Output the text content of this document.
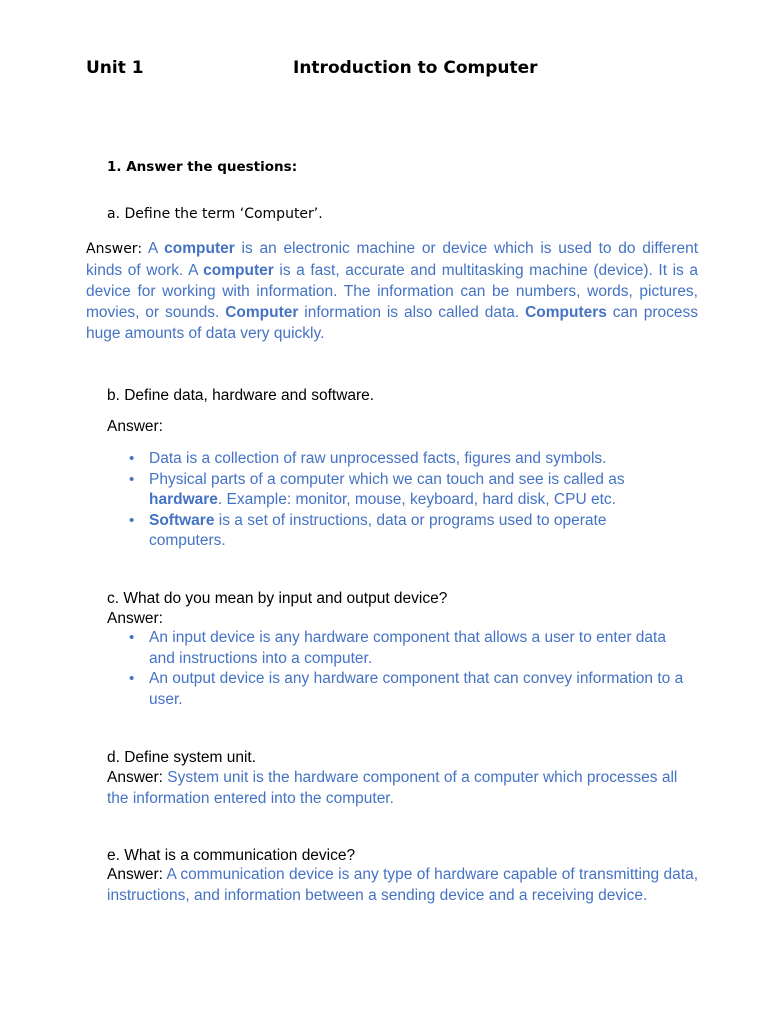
Unit 1	Introduction to Computer
1. Answer the questions:
a. Define the term ‘Computer’.
Answer: A computer is an electronic machine or device which is used to do different kinds of work. A computer is a fast, accurate and multitasking machine (device). It is a device for working with information. The information can be numbers, words, pictures, movies, or sounds. Computer information is also called data. Computers can process huge amounts of data very quickly.
b. Define data, hardware and software.
Answer:
• Data is a collection of raw unprocessed facts, figures and symbols.
• Physical parts of a computer which we can touch and see is called as hardware. Example: monitor, mouse, keyboard, hard disk, CPU etc.
• Software is a set of instructions, data or programs used to operate computers.
c. What do you mean by input and output device?
Answer:
• An input device is any hardware component that allows a user to enter data and instructions into a computer.
• An output device is any hardware component that can convey information to a user.
d. Define system unit.
Answer: System unit is the hardware component of a computer which processes all the information entered into the computer.
e. What is a communication device?
Answer: A communication device is any type of hardware capable of transmitting data, instructions, and information between a sending device and a receiving device.
